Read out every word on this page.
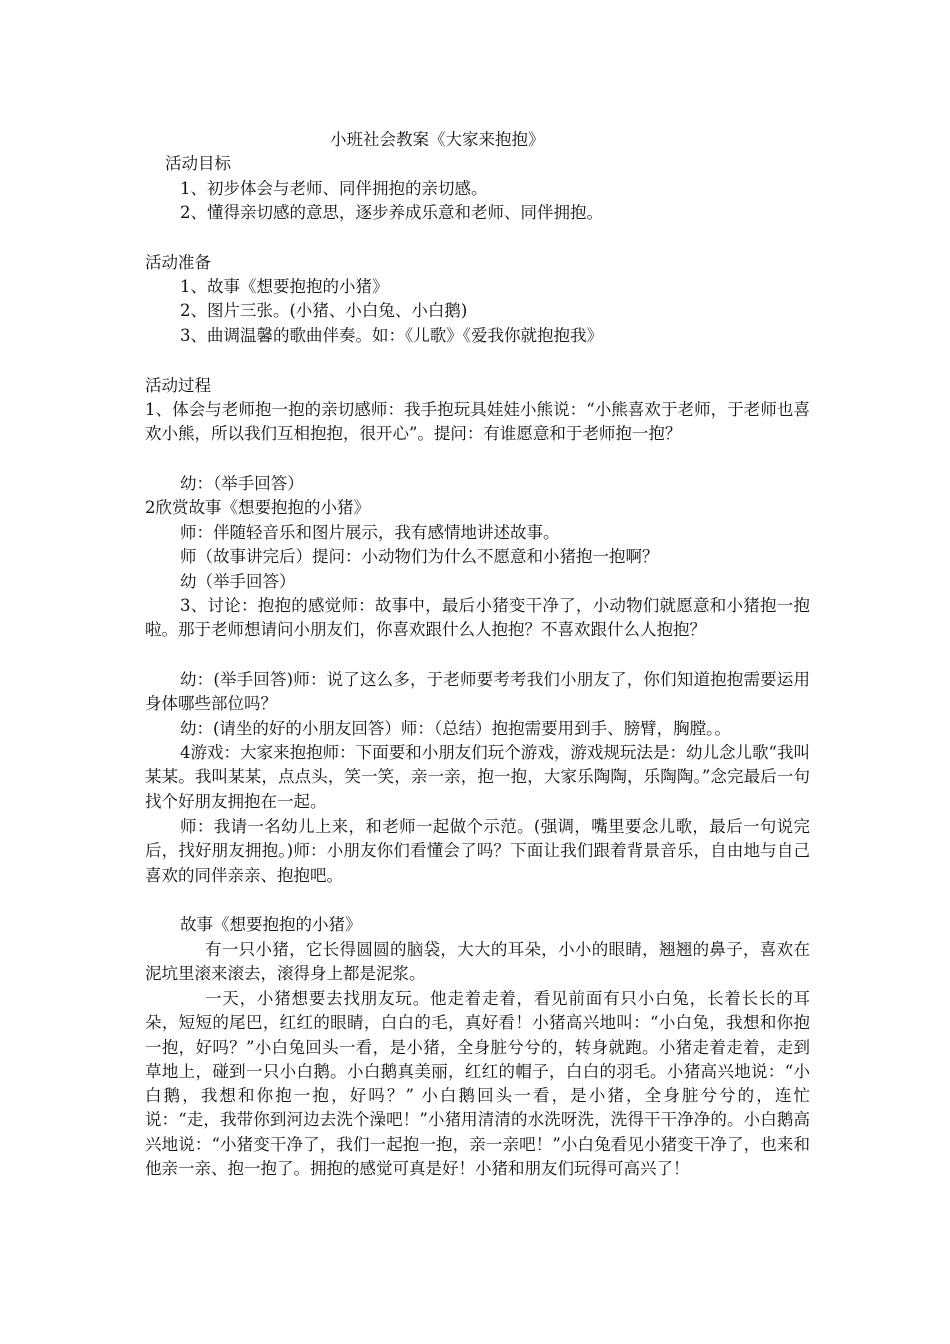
小班社会教案《大家来抱抱》
活动目标
1、初步体会与老师、同伴拥抱的亲切感。
2、懂得亲切感的意思，逐步养成乐意和老师、同伴拥抱。
活动准备
1、故事《想要抱抱的小猪》
2、图片三张。(小猪、小白兔、小白鹅)
3、曲调温馨的歌曲伴奏。如：《儿歌》《爱我你就抱抱我》
活动过程
1、体会与老师抱一抱的亲切感师：我手抱玩具娃娃小熊说：“小熊喜欢于老师，于老师也喜欢小熊，所以我们互相抱抱，很开心”。提问：有谁愿意和于老师抱一抱？
幼：（举手回答）
2欣赏故事《想要抱抱的小猪》
师：伴随轻音乐和图片展示，我有感情地讲述故事。
师（故事讲完后）提问：小动物们为什么不愿意和小猪抱一抱啊？
幼（举手回答）
3、讨论：抱抱的感觉师：故事中，最后小猪变干净了，小动物们就愿意和小猪抱一抱啦。那于老师想请问小朋友们，你喜欢跟什么人抱抱？不喜欢跟什么人抱抱？
幼：(举手回答)师：说了这么多，于老师要考考我们小朋友了，你们知道抱抱需要运用身体哪些部位吗？
幼：(请坐的好的小朋友回答）师：（总结）抱抱需要用到手、膀臂，胸膛。。
4游戏：大家来抱抱师：下面要和小朋友们玩个游戏，游戏规玩法是：幼儿念儿歌“我叫某某。我叫某某，点点头，笑一笑，亲一亲，抱一抱，大家乐陶陶，乐陶陶。”念完最后一句找个好朋友拥抱在一起。
师：我请一名幼儿上来，和老师一起做个示范。(强调，嘴里要念儿歌，最后一句说完后，找好朋友拥抱。)师：小朋友你们看懂会了吗？下面让我们跟着背景音乐，自由地与自己喜欢的同伴亲亲、抱抱吧。
故事《想要抱抱的小猪》
有一只小猪，它长得圆圆的脑袋，大大的耳朵，小小的眼睛，翘翘的鼻子，喜欢在泥坑里滚来滚去，滚得身上都是泥浆。
一天，小猪想要去找朋友玩。他走着走着，看见前面有只小白兔，长着长长的耳朵，短短的尾巴，红红的眼睛，白白的毛，真好看！小猪高兴地叫：“小白兔，我想和你抱一抱，好吗？”小白兔回头一看，是小猪，全身脏兮兮的，转身就跑。小猪走着走着，走到草地上，碰到一只小白鹅。小白鹅真美丽，红红的帽子，白白的羽毛。小猪高兴地说：“小白鹅，我想和你抱一抱，好吗？” 小白鹅回头一看，是小猪，全身脏兮兮的，连忙说：“走，我带你到河边去洗个澡吧！”小猪用清清的水洗呀洗，洗得干干净净的。小白鹅高兴地说：“小猪变干净了，我们一起抱一抱，亲一亲吧！”小白兔看见小猪变干净了，也来和他亲一亲、抱一抱了。拥抱的感觉可真是好！小猪和朋友们玩得可高兴了！
